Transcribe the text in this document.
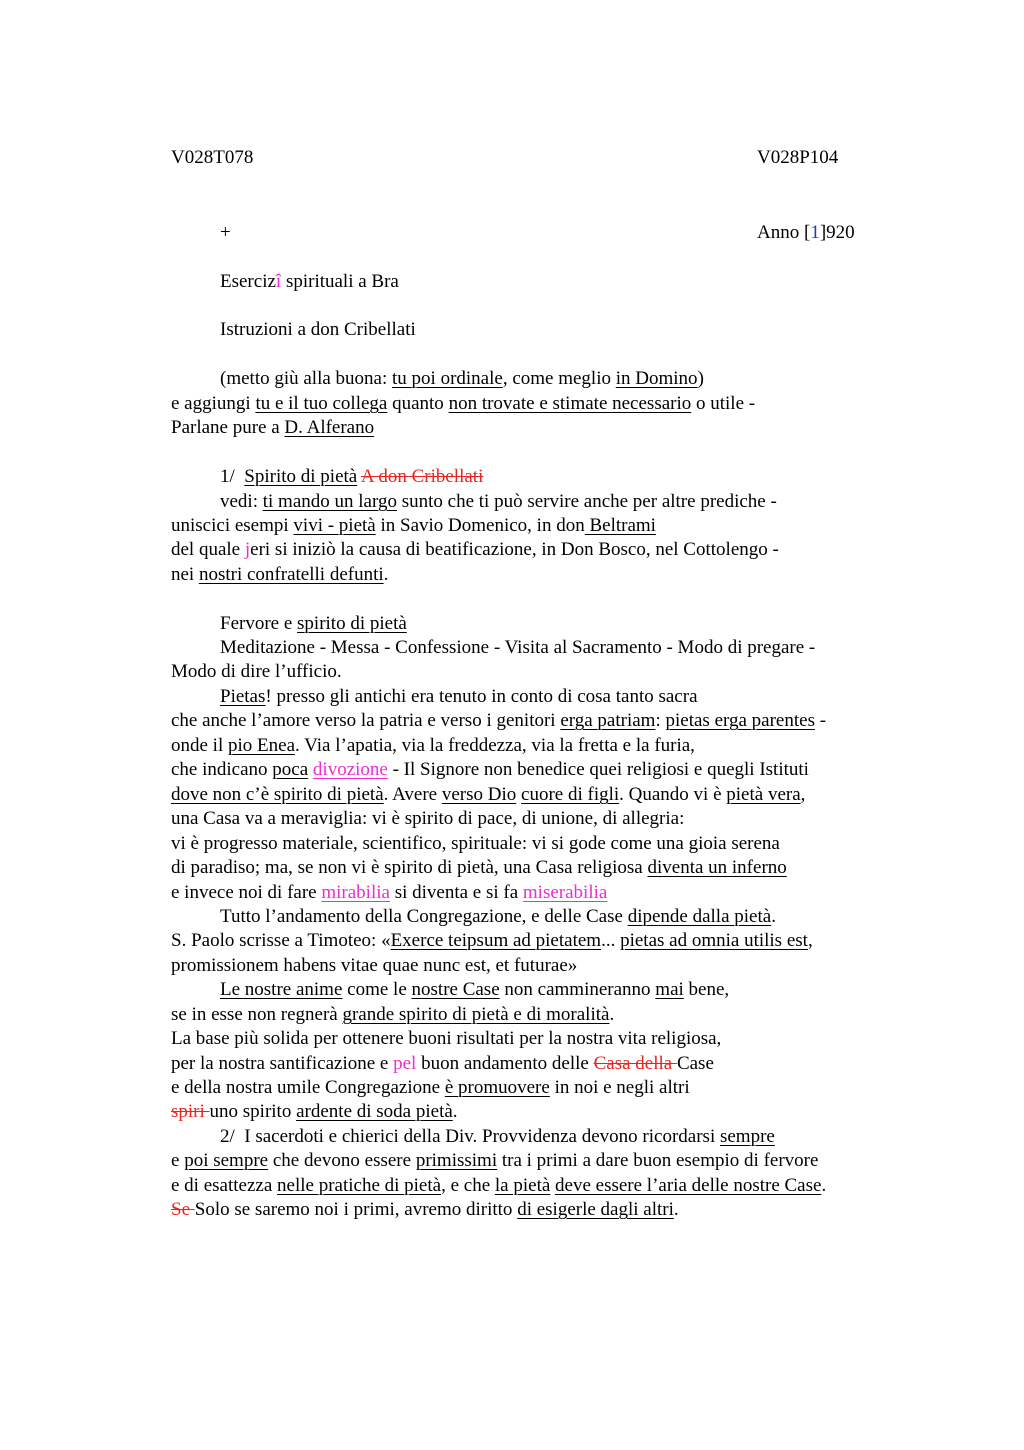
V028T078	V028P104
+	Anno [1]920
Esercizî spirituali a Bra
Istruzioni a don Cribellati
(metto giù alla buona: tu poi ordinale, come meglio in Domino)
e aggiungi tu e il tuo collega quanto non trovate e stimate necessario o utile -
Parlane pure a D. Alferano
1/  Spirito di pietà A don Cribellati
vedi: ti mando un largo sunto che ti può servire anche per altre prediche -
uniscici esempi vivi - pietà in Savio Domenico, in don Beltrami
del quale jeri si iniziò la causa di beatificazione, in Don Bosco, nel Cottolengo -
nei nostri confratelli defunti.
Fervore e spirito di pietà
Meditazione - Messa - Confessione - Visita al Sacramento - Modo di pregare -
Modo di dire l’ufficio.
Pietas! presso gli antichi era tenuto in conto di cosa tanto sacra
che anche l’amore verso la patria e verso i genitori erga patriam: pietas erga parentes -
onde il pio Enea. Via l’apatia, via la freddezza, via la fretta e la furia,
che indicano poca divozione - Il Signore non benedice quei religiosi e quegli Istituti
dove non c’è spirito di pietà. Avere verso Dio cuore di figli. Quando vi è pietà vera,
una Casa va a meraviglia: vi è spirito di pace, di unione, di allegria:
vi è progresso materiale, scientifico, spirituale: vi si gode come una gioia serena
di paradiso; ma, se non vi è spirito di pietà, una Casa religiosa diventa un inferno
e invece noi di fare mirabilia si diventa e si fa miserabilia
Tutto l’andamento della Congregazione, e delle Case dipende dalla pietà.
S. Paolo scrisse a Timoteo: «Exerce teipsum ad pietatem... pietas ad omnia utilis est,
promissionem habens vitae quae nunc est, et futurae»
Le nostre anime come le nostre Case non cammineranno mai bene,
se in esse non regnerà grande spirito di pietà e di moralità.
La base più solida per ottenere buoni risultati per la nostra vita religiosa,
per la nostra santificazione e pel buon andamento delle Casa della Case
e della nostra umile Congregazione è promuovere in noi e negli altri
spiri uno spirito ardente di soda pietà.
2/  I sacerdoti e chierici della Div. Provvidenza devono ricordarsi sempre
e poi sempre che devono essere primissimi tra i primi a dare buon esempio di fervore
e di esattezza nelle pratiche di pietà, e che la pietà deve essere l’aria delle nostre Case.
Se Solo se saremo noi i primi, avremo diritto di esigerle dagli altri.
